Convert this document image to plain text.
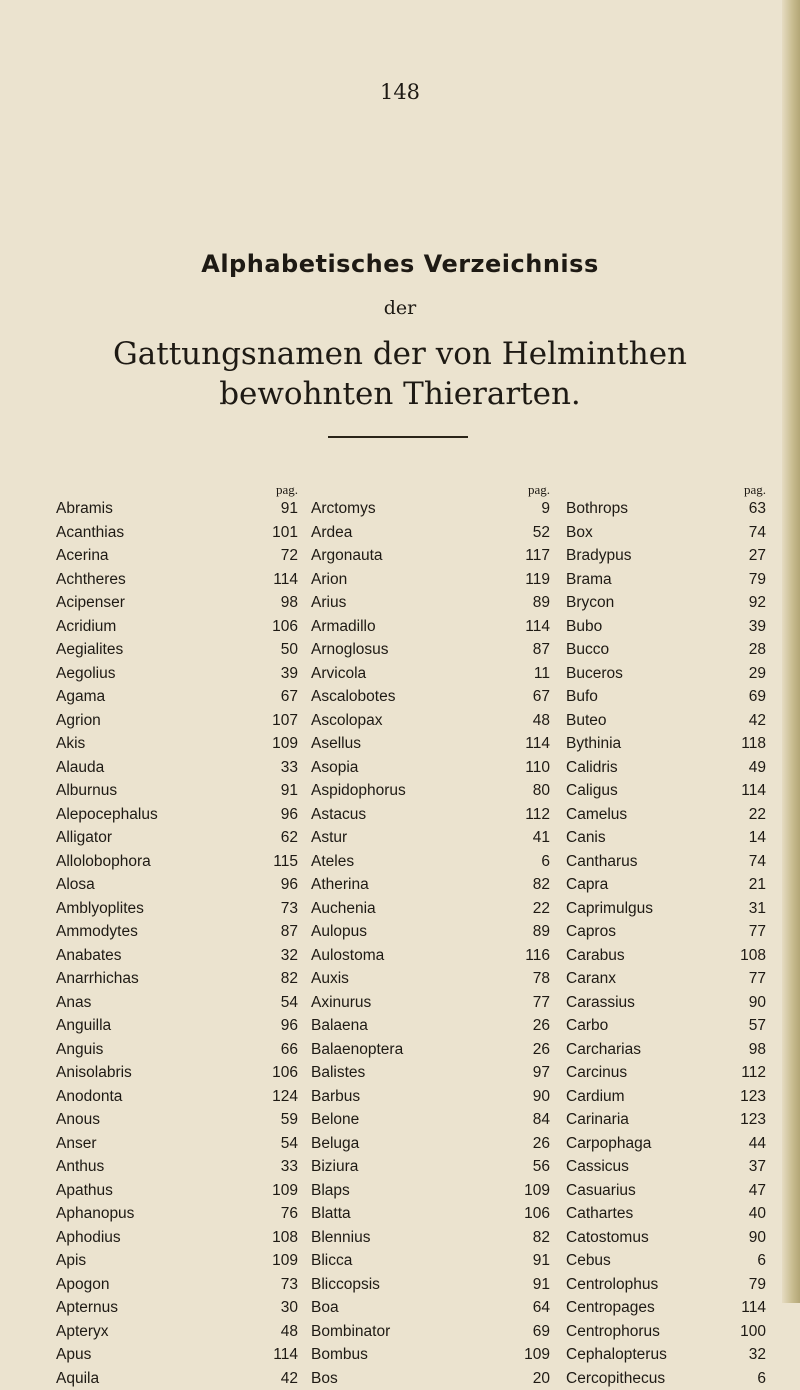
148
Alphabetisches Verzeichniss
der
Gattungsnamen der von Helminthen
bewohnten Thierarten.
pag.
Abramis	91
Acanthias	101
Acerina	72
Achtheres	114
Acipenser	98
Acridium	106
Aegialites	50
Aegolius	39
Agama	67
Agrion	107
Akis	109
Alauda	33
Alburnus	91
Alepocephalus	96
Alligator	62
Allolobophora	115
Alosa	96
Amblyoplites	73
Ammodytes	87
Anabates	32
Anarrhichas	82
Anas	54
Anguilla	96
Anguis	66
Anisolabris	106
Anodonta	124
Anous	59
Anser	54
Anthus	33
Apathus	109
Aphanopus	76
Aphodius	108
Apis	109
Apogon	73
Apternus	30
Apteryx	48
Apus	114
Aquila	42
pag.
Arctomys	9
Ardea	52
Argonauta	117
Arion	119
Arius	89
Armadillo	114
Arnoglosus	87
Arvicola	11
Ascalobotes	67
Ascolopax	48
Asellus	114
Asopia	110
Aspidophorus	80
Astacus	112
Astur	41
Ateles	6
Atherina	82
Auchenia	22
Aulopus	89
Aulostoma	116
Auxis	78
Axinurus	77
Balaena	26
Balaenoptera	26
Balistes	97
Barbus	90
Belone	84
Beluga	26
Biziura	56
Blaps	109
Blatta	106
Blennius	82
Blicca	91
Bliccopsis	91
Boa	64
Bombinator	69
Bombus	109
Bos	20
pag.
Bothrops	63
Box	74
Bradypus	27
Brama	79
Brycon	92
Bubo	39
Bucco	28
Buceros	29
Bufo	69
Buteo	42
Bythinia	118
Calidris	49
Caligus	114
Camelus	22
Canis	14
Cantharus	74
Capra	21
Caprimulgus	31
Capros	77
Carabus	108
Caranx	77
Carassius	90
Carbo	57
Carcharias	98
Carcinus	112
Cardium	123
Carinaria	123
Carpophaga	44
Cassicus	37
Casuarius	47
Cathartes	40
Catostomus	90
Cebus	6
Centrolophus	79
Centropages	114
Centrophorus	100
Cephalopterus	32
Cercopithecus	6
